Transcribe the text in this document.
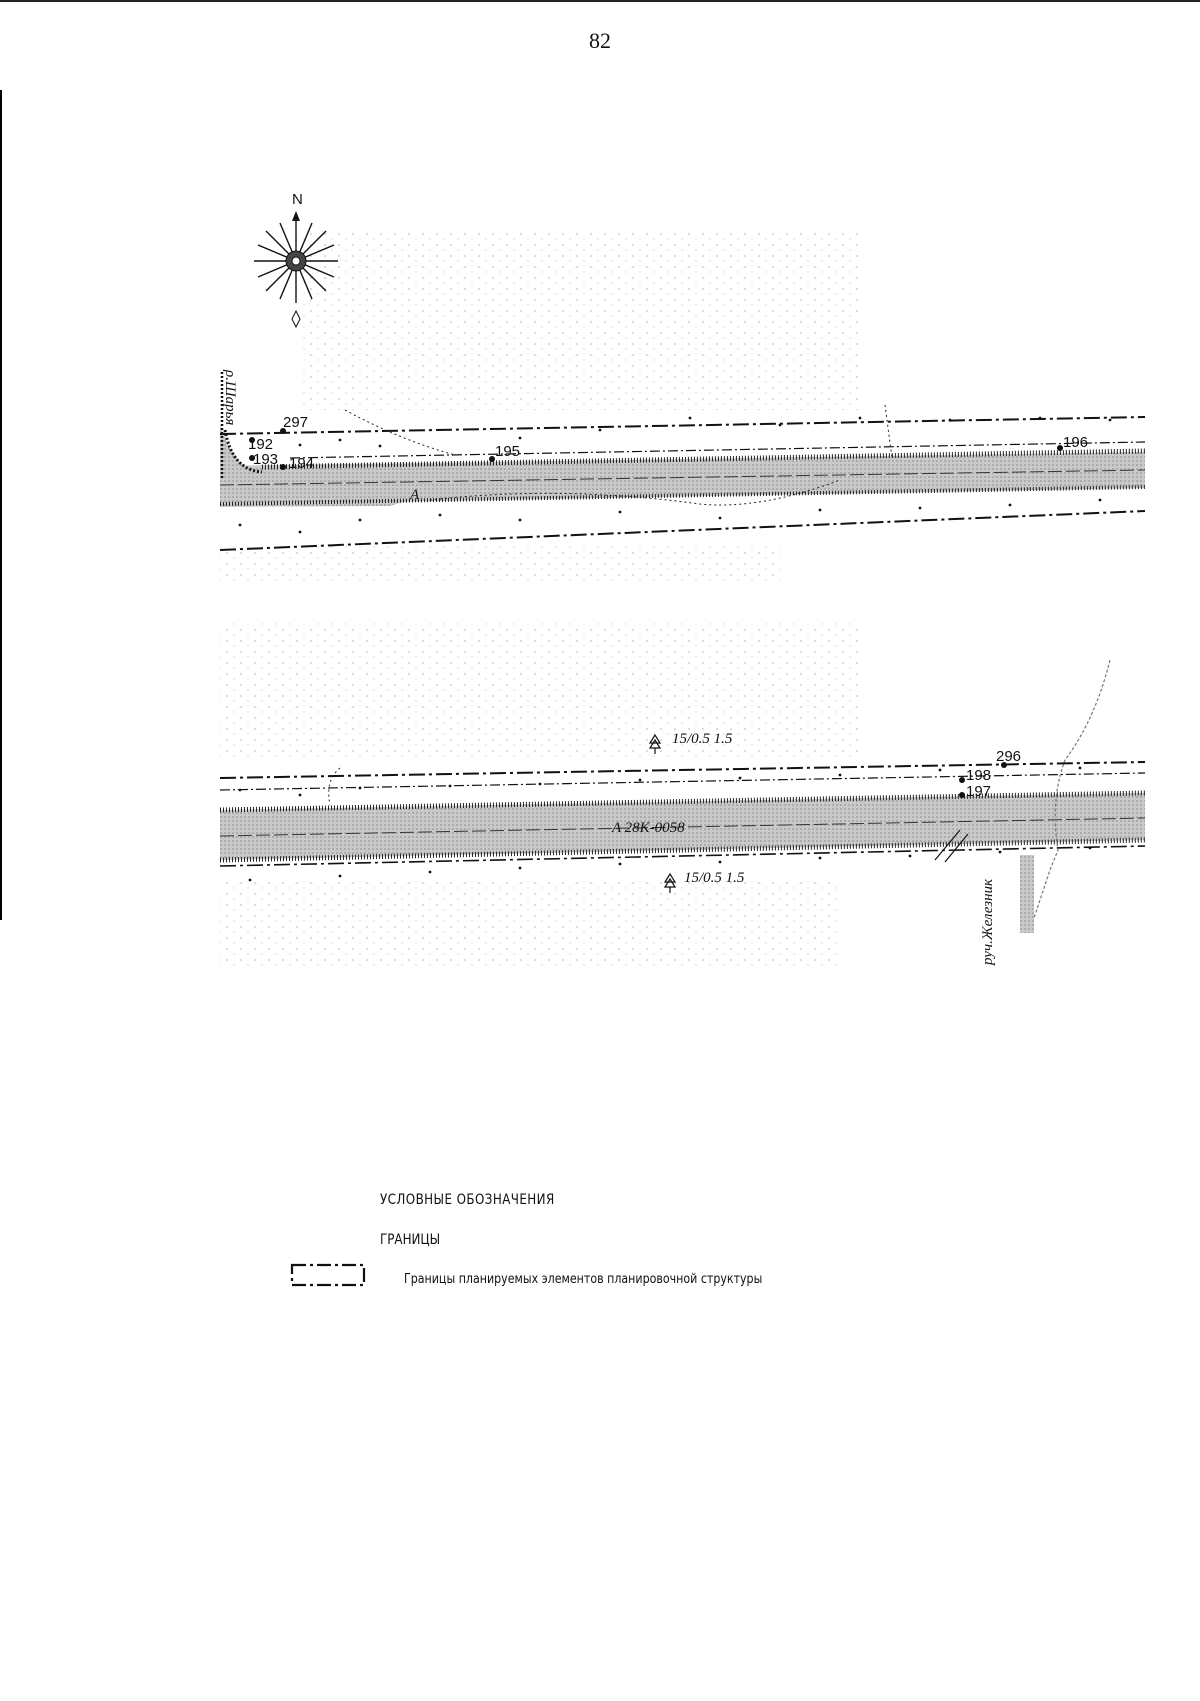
82
N
297
192
193 194
195
196
A
ρ.Шарья
296
198
197
A 28K-0058
руч.Железник
15/0.5 1.5
15/0.5 1.5
УСЛОВНЫЕ ОБОЗНАЧЕНИЯ
ГРАНИЦЫ
Границы планируемых элементов планировочной структуры
